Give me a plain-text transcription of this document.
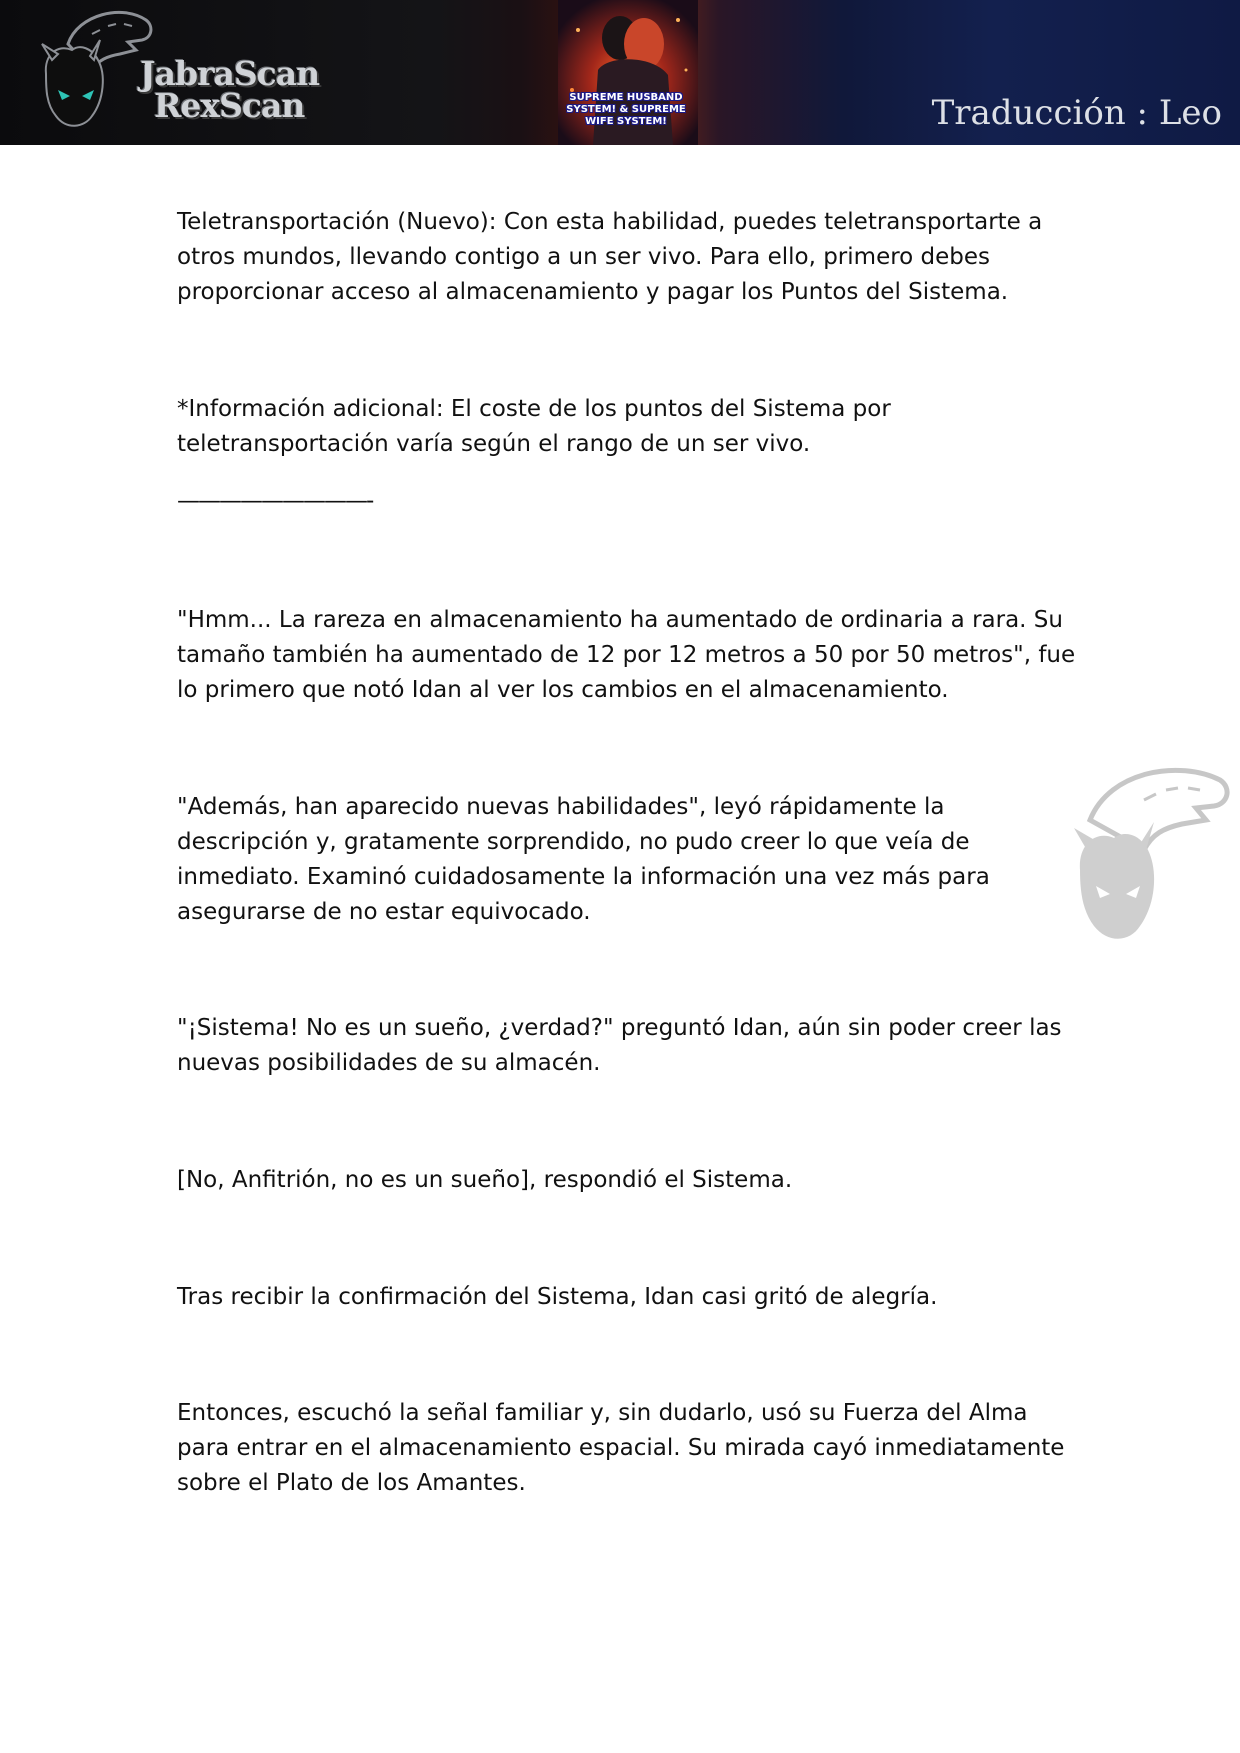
JabraScan
RexScan	SUPREME HUSBAND
SYSTEM! & SUPREME
WIFE SYSTEM!	Traducción : Leo

Teletransportación (Nuevo): Con esta habilidad, puedes teletransportarte a otros mundos, llevando contigo a un ser vivo. Para ello, primero debes proporcionar acceso al almacenamiento y pagar los Puntos del Sistema.

*Información adicional: El coste de los puntos del Sistema por teletransportación varía según el rango de un ser vivo.

—————————-

"Hmm... La rareza en almacenamiento ha aumentado de ordinaria a rara. Su tamaño también ha aumentado de 12 por 12 metros a 50 por 50 metros", fue lo primero que notó Idan al ver los cambios en el almacenamiento.

"Además, han aparecido nuevas habilidades", leyó rápidamente la descripción y, gratamente sorprendido, no pudo creer lo que veía de inmediato. Examinó cuidadosamente la información una vez más para asegurarse de no estar equivocado.

"¡Sistema! No es un sueño, ¿verdad?" preguntó Idan, aún sin poder creer las nuevas posibilidades de su almacén.

[No, Anfitrión, no es un sueño], respondió el Sistema.

Tras recibir la confirmación del Sistema, Idan casi gritó de alegría.

Entonces, escuchó la señal familiar y, sin dudarlo, usó su Fuerza del Alma para entrar en el almacenamiento espacial. Su mirada cayó inmediatamente sobre el Plato de los Amantes.
